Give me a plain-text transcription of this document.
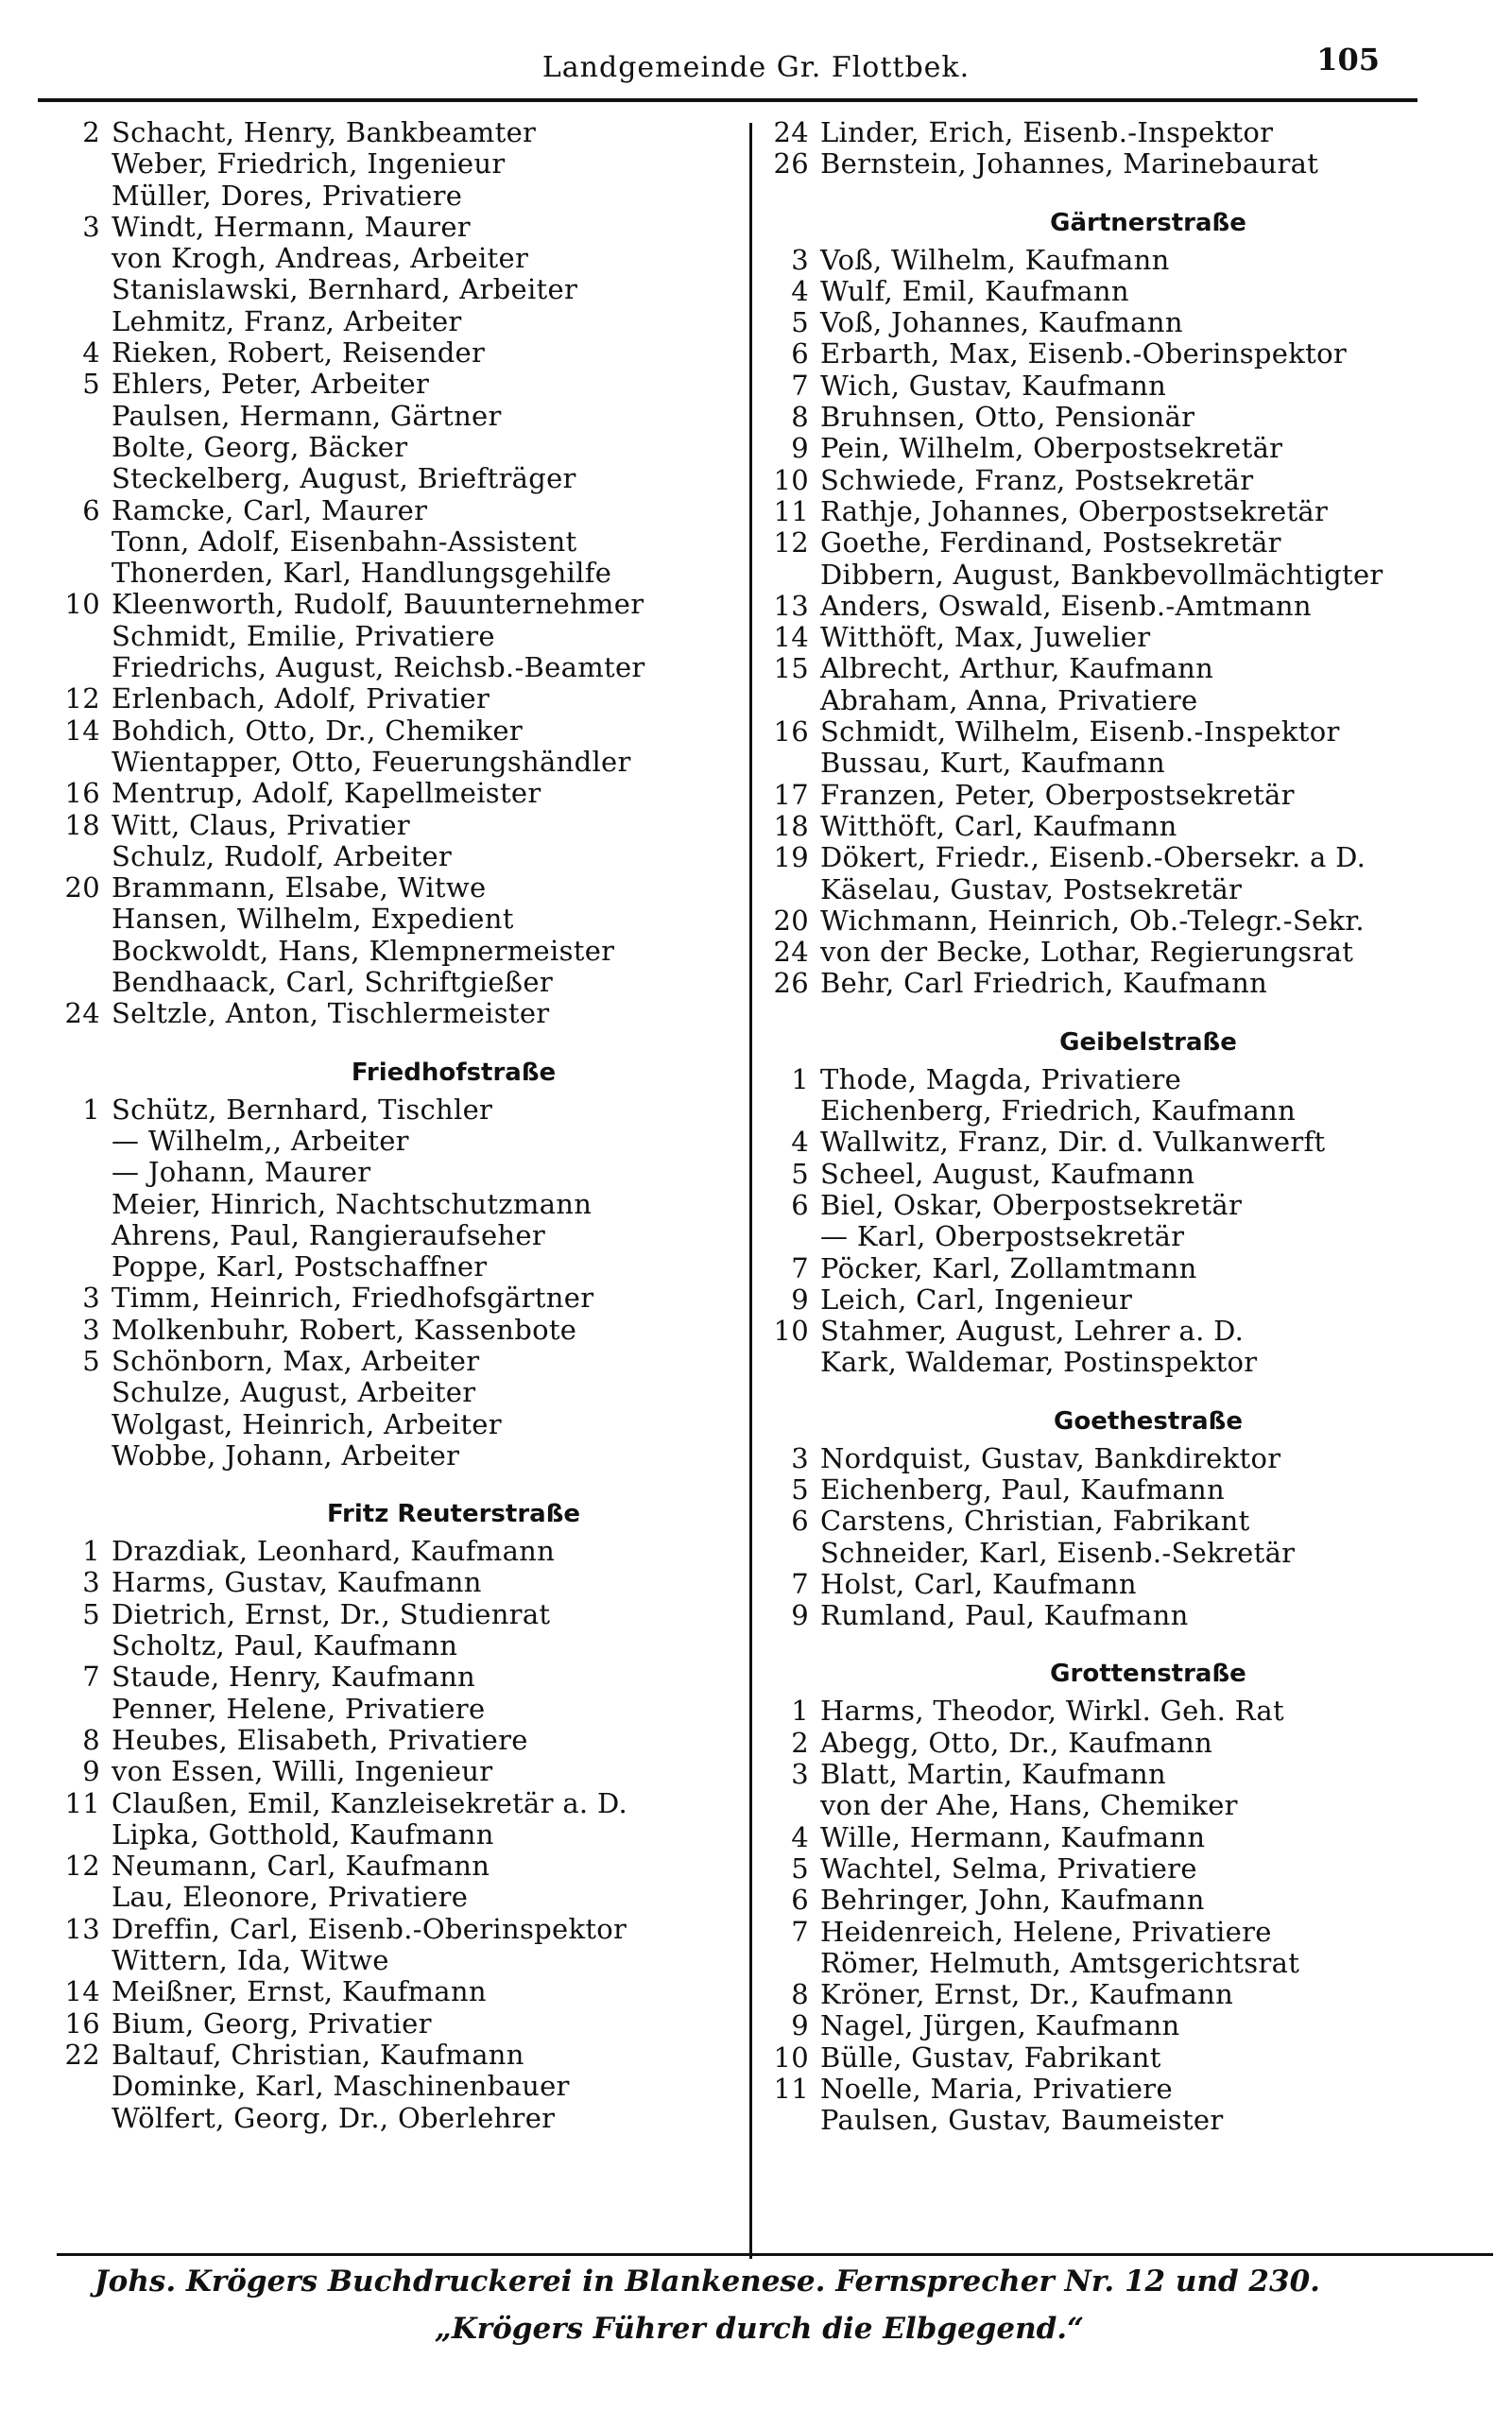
Landgemeinde Gr. Flottbek.	105
2 Schacht, Henry, Bankbeamter
Weber, Friedrich, Ingenieur
Müller, Dores, Privatiere
3 Windt, Hermann, Maurer
von Krogh, Andreas, Arbeiter
Stanislawski, Bernhard, Arbeiter
Lehmitz, Franz, Arbeiter
4 Rieken, Robert, Reisender
5 Ehlers, Peter, Arbeiter
Paulsen, Hermann, Gärtner
Bolte, Georg, Bäcker
Steckelberg, August, Briefträger
6 Ramcke, Carl, Maurer
Tonn, Adolf, Eisenbahn-Assistent
Thonerden, Karl, Handlungsgehilfe
10 Kleenworth, Rudolf, Bauunternehmer
Schmidt, Emilie, Privatiere
Friedrichs, August, Reichsb.-Beamter
12 Erlenbach, Adolf, Privatier
14 Bohdich, Otto, Dr., Chemiker
Wientapper, Otto, Feuerungshändler
16 Mentrup, Adolf, Kapellmeister
18 Witt, Claus, Privatier
Schulz, Rudolf, Arbeiter
20 Brammann, Elsabe, Witwe
Hansen, Wilhelm, Expedient
Bockwoldt, Hans, Klempnermeister
Bendhaack, Carl, Schriftgießer
24 Seltzle, Anton, Tischlermeister
Friedhofstraße
1 Schütz, Bernhard, Tischler
— Wilhelm,, Arbeiter
— Johann, Maurer
Meier, Hinrich, Nachtschutzmann
Ahrens, Paul, Rangieraufseher
Poppe, Karl, Postschaffner
3 Timm, Heinrich, Friedhofsgärtner
3 Molkenbuhr, Robert, Kassenbote
5 Schönborn, Max, Arbeiter
Schulze, August, Arbeiter
Wolgast, Heinrich, Arbeiter
Wobbe, Johann, Arbeiter
Fritz Reuterstraße
1 Drazdiak, Leonhard, Kaufmann
3 Harms, Gustav, Kaufmann
5 Dietrich, Ernst, Dr., Studienrat
Scholtz, Paul, Kaufmann
7 Staude, Henry, Kaufmann
Penner, Helene, Privatiere
8 Heubes, Elisabeth, Privatiere
9 von Essen, Willi, Ingenieur
11 Claußen, Emil, Kanzleisekretär a. D.
Lipka, Gotthold, Kaufmann
12 Neumann, Carl, Kaufmann
Lau, Eleonore, Privatiere
13 Dreffin, Carl, Eisenb.-Oberinspektor
Wittern, Ida, Witwe
14 Meißner, Ernst, Kaufmann
16 Bium, Georg, Privatier
22 Baltauf, Christian, Kaufmann
Dominke, Karl, Maschinenbauer
Wölfert, Georg, Dr., Oberlehrer
24 Linder, Erich, Eisenb.-Inspektor
26 Bernstein, Johannes, Marinebaurat
Gärtnerstraße
3 Voß, Wilhelm, Kaufmann
4 Wulf, Emil, Kaufmann
5 Voß, Johannes, Kaufmann
6 Erbarth, Max, Eisenb.-Oberinspektor
7 Wich, Gustav, Kaufmann
8 Bruhnsen, Otto, Pensionär
9 Pein, Wilhelm, Oberpostsekretär
10 Schwiede, Franz, Postsekretär
11 Rathje, Johannes, Oberpostsekretär
12 Goethe, Ferdinand, Postsekretär
Dibbern, August, Bankbevollmächtigter
13 Anders, Oswald, Eisenb.-Amtmann
14 Witthöft, Max, Juwelier
15 Albrecht, Arthur, Kaufmann
Abraham, Anna, Privatiere
16 Schmidt, Wilhelm, Eisenb.-Inspektor
Bussau, Kurt, Kaufmann
17 Franzen, Peter, Oberpostsekretär
18 Witthöft, Carl, Kaufmann
19 Dökert, Friedr., Eisenb.-Obersekr. a D.
Käselau, Gustav, Postsekretär
20 Wichmann, Heinrich, Ob.-Telegr.-Sekr.
24 von der Becke, Lothar, Regierungsrat
26 Behr, Carl Friedrich, Kaufmann
Geibelstraße
1 Thode, Magda, Privatiere
Eichenberg, Friedrich, Kaufmann
4 Wallwitz, Franz, Dir. d. Vulkanwerft
5 Scheel, August, Kaufmann
6 Biel, Oskar, Oberpostsekretär
— Karl, Oberpostsekretär
7 Pöcker, Karl, Zollamtmann
9 Leich, Carl, Ingenieur
10 Stahmer, August, Lehrer a. D.
Kark, Waldemar, Postinspektor
Goethestraße
3 Nordquist, Gustav, Bankdirektor
5 Eichenberg, Paul, Kaufmann
6 Carstens, Christian, Fabrikant
Schneider, Karl, Eisenb.-Sekretär
7 Holst, Carl, Kaufmann
9 Rumland, Paul, Kaufmann
Grottenstraße
1 Harms, Theodor, Wirkl. Geh. Rat
2 Abegg, Otto, Dr., Kaufmann
3 Blatt, Martin, Kaufmann
von der Ahe, Hans, Chemiker
4 Wille, Hermann, Kaufmann
5 Wachtel, Selma, Privatiere
6 Behringer, John, Kaufmann
7 Heidenreich, Helene, Privatiere
Römer, Helmuth, Amtsgerichtsrat
8 Kröner, Ernst, Dr., Kaufmann
9 Nagel, Jürgen, Kaufmann
10 Bülle, Gustav, Fabrikant
11 Noelle, Maria, Privatiere
Paulsen, Gustav, Baumeister
Johs. Krögers Buchdruckerei in Blankenese. Fernsprecher Nr. 12 und 230.
„Krögers Führer durch die Elbgegend.“
